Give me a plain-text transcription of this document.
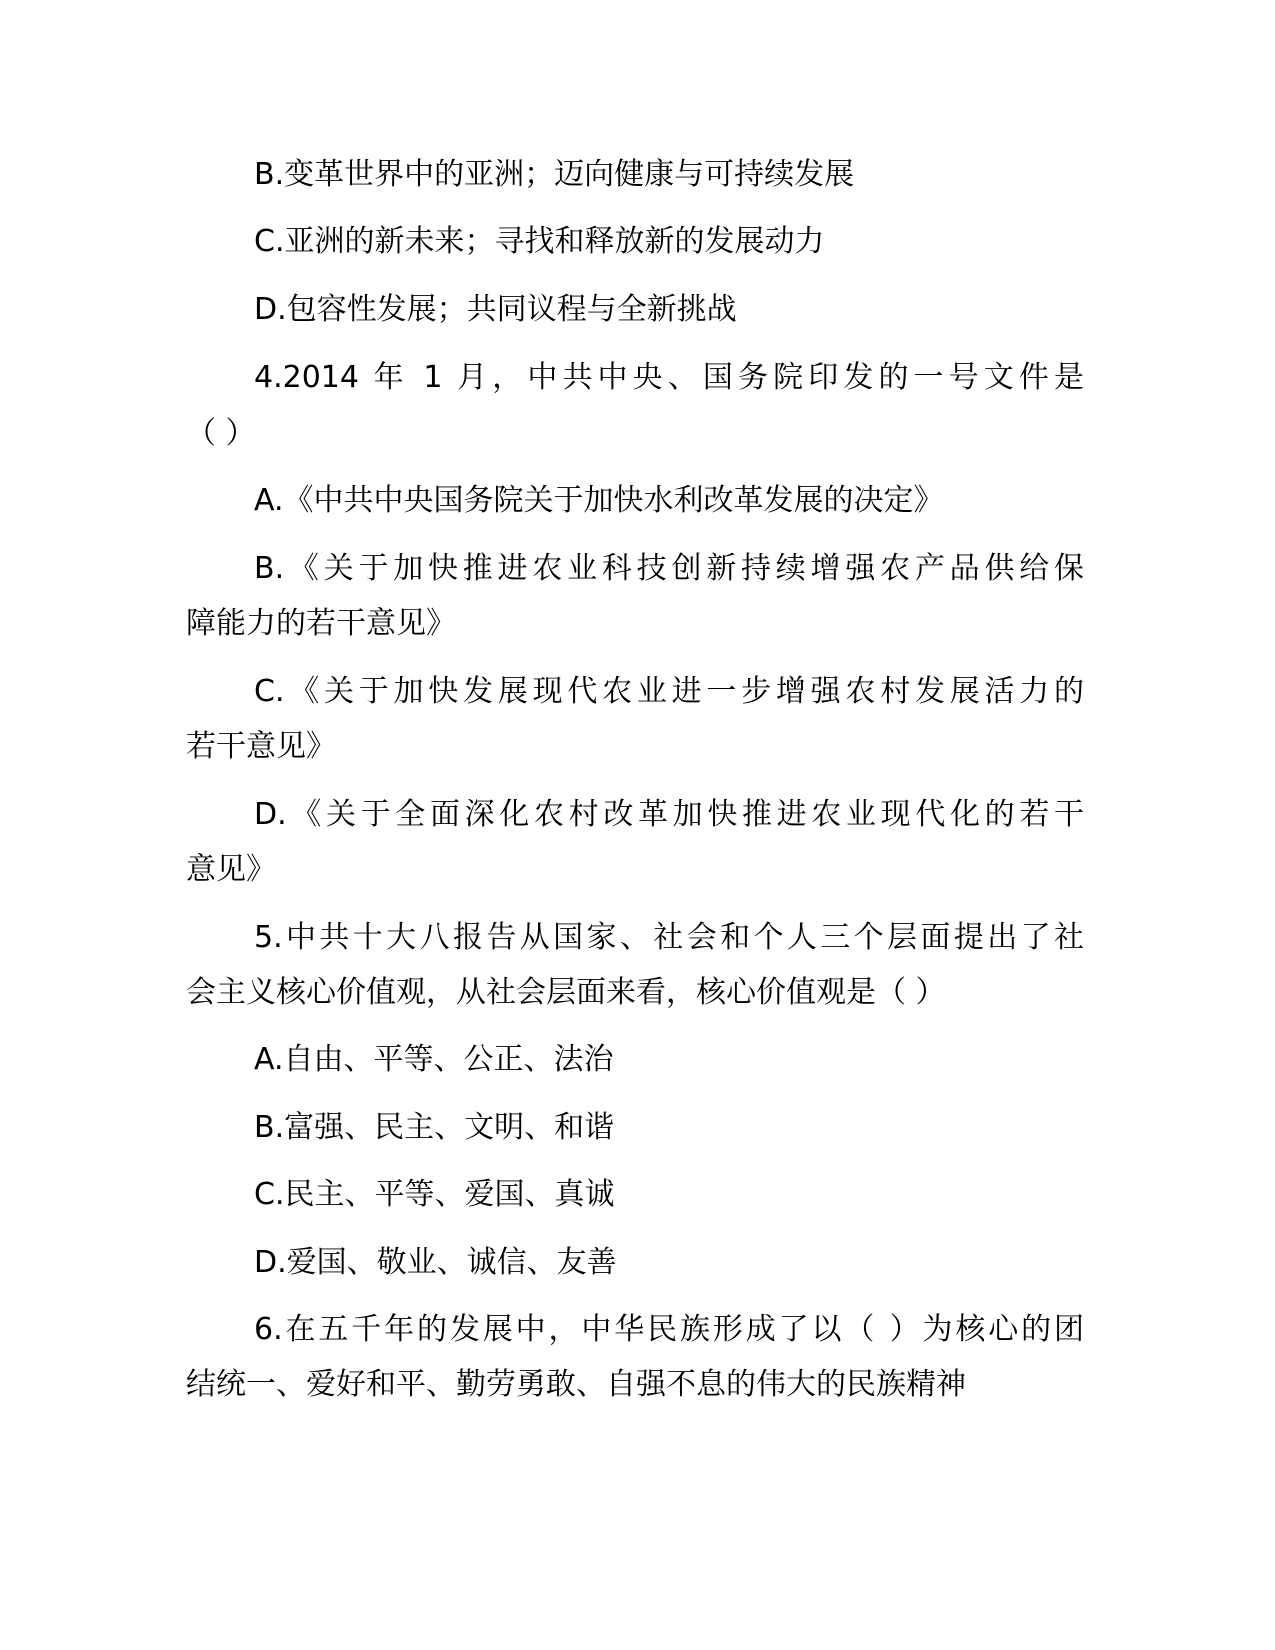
B.变革世界中的亚洲；迈向健康与可持续发展
C.亚洲的新未来；寻找和释放新的发展动力
D.包容性发展；共同议程与全新挑战
4.2014 年 1 月，中共中央、国务院印发的一号文件是
（ ）
A.《中共中央国务院关于加快水利改革发展的决定》
B.《关于加快推进农业科技创新持续增强农产品供给保
障能力的若干意见》
C.《关于加快发展现代农业进一步增强农村发展活力的
若干意见》
D.《关于全面深化农村改革加快推进农业现代化的若干
意见》
5.中共十大八报告从国家、社会和个人三个层面提出了社
会主义核心价值观，从社会层面来看，核心价值观是（ ）
A.自由、平等、公正、法治
B.富强、民主、文明、和谐
C.民主、平等、爱国、真诚
D.爱国、敬业、诚信、友善
6.在五千年的发展中，中华民族形成了以（ ）为核心的团
结统一、爱好和平、勤劳勇敢、自强不息的伟大的民族精神
